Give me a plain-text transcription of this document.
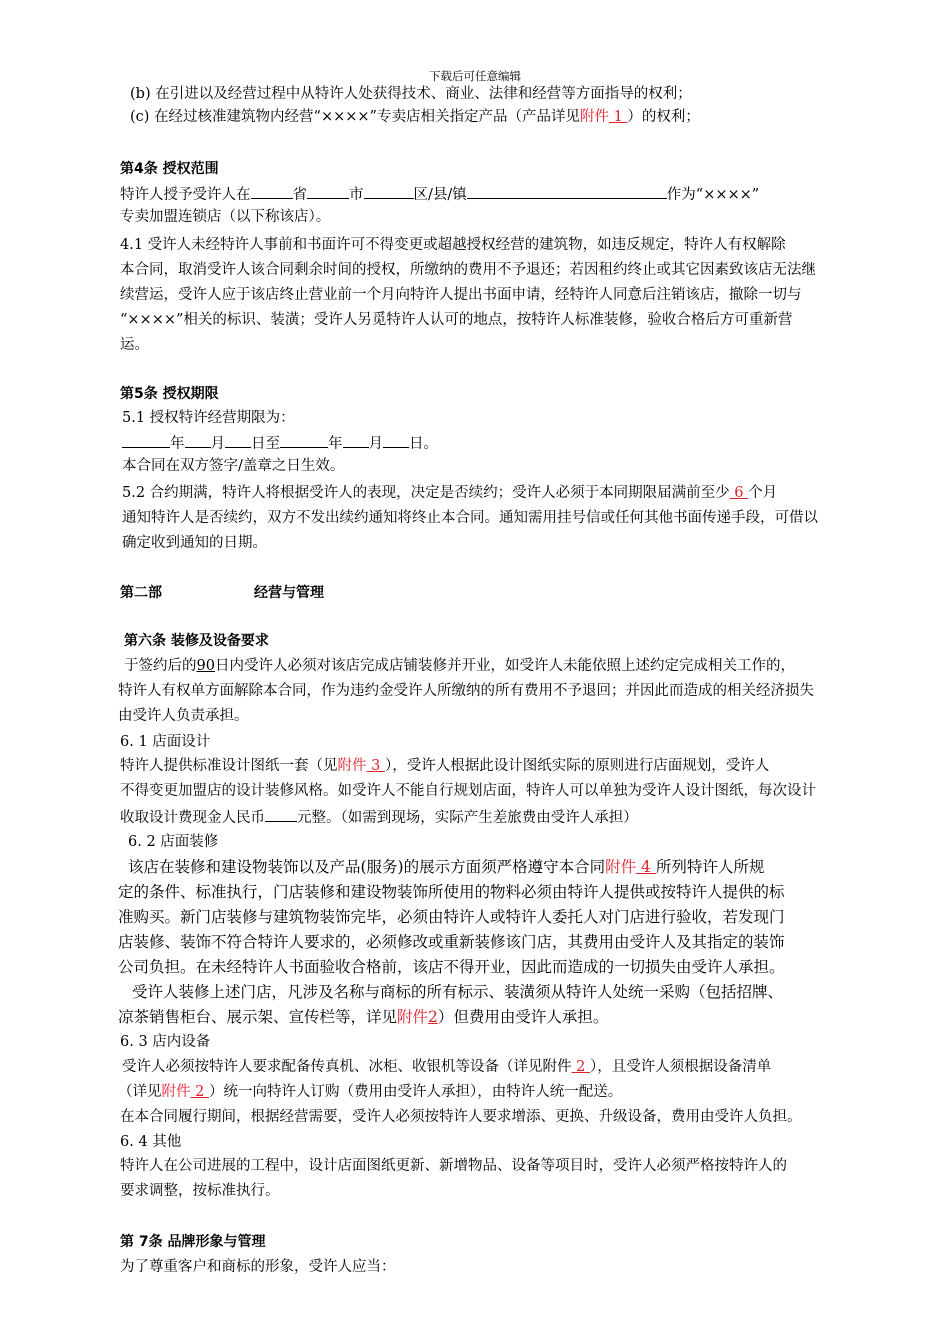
下载后可任意编辑
(b) 在引进以及经营过程中从特许人处获得技术、商业、法律和经营等方面指导的权利；
(c) 在经过核准建筑物内经营“××××”专卖店相关指定产品（产品详见附件 1 ）的权利；
第4条 授权范围
特许人授予受许人在	省	市	区/县/镇	作为“××××”
专卖加盟连锁店（以下称该店）。
4.1 受许人未经特许人事前和书面许可不得变更或超越授权经营的建筑物，如违反规定，特许人有权解除
本合同，取消受许人该合同剩余时间的授权，所缴纳的费用不予退还；若因租约终止或其它因素致该店无法继
续营运，受许人应于该店终止营业前一个月向特许人提出书面申请，经特许人同意后注销该店，撤除一切与
“××××”相关的标识、装潢；受许人另觅特许人认可的地点，按特许人标准装修，验收合格后方可重新营
运。
第5条 授权期限
5.1 授权特许经营期限为：
年 月 日至	年 月 日。
本合同在双方签字/盖章之日生效。
5.2 合约期满，特许人将根据受许人的表现，决定是否续约；受许人必须于本同期限届满前至少 6 个月
通知特许人是否续约，双方不发出续约通知将终止本合同。通知需用挂号信或任何其他书面传递手段，可借以
确定收到通知的日期。
第二部	经营与管理
第六条 装修及设备要求
于签约后的90日内受许人必须对该店完成店铺装修并开业，如受许人未能依照上述约定完成相关工作的，
特许人有权单方面解除本合同，作为违约金受许人所缴纳的所有费用不予退回；并因此而造成的相关经济损失
由受许人负责承担。
6. 1 店面设计
特许人提供标准设计图纸一套（见附件 3 ），受许人根据此设计图纸实际的原则进行店面规划，受许人
不得变更加盟店的设计装修风格。如受许人不能自行规划店面，特许人可以单独为受许人设计图纸，每次设计
收取设计费现金人民币 元整。（如需到现场，实际产生差旅费由受许人承担）
6. 2 店面装修
该店在装修和建设物装饰以及产品(服务)的展示方面须严格遵守本合同附件 4 所列特许人所规
定的条件、标准执行，门店装修和建设物装饰所使用的物料必须由特许人提供或按特许人提供的标
准购买。新门店装修与建筑物装饰完毕，必须由特许人或特许人委托人对门店进行验收，若发现门
店装修、装饰不符合特许人要求的，必须修改或重新装修该门店，其费用由受许人及其指定的装饰
公司负担。在未经特许人书面验收合格前，该店不得开业，因此而造成的一切损失由受许人承担。
受许人装修上述门店，凡涉及名称与商标的所有标示、装潢须从特许人处统一采购（包括招牌、
凉茶销售柜台、展示架、宣传栏等，详见附件2）但费用由受许人承担。
6. 3 店内设备
受许人必须按特许人要求配备传真机、冰柜、收银机等设备（详见附件 2 ），且受许人须根据设备清单
（详见附件 2 ）统一向特许人订购（费用由受许人承担），由特许人统一配送。
在本合同履行期间，根据经营需要，受许人必须按特许人要求增添、更换、升级设备，费用由受许人负担。
6. 4 其他
特许人在公司进展的工程中，设计店面图纸更新、新增物品、设备等项目时，受许人必须严格按特许人的
要求调整，按标准执行。
第 7条 品牌形象与管理
为了尊重客户和商标的形象，受许人应当：
